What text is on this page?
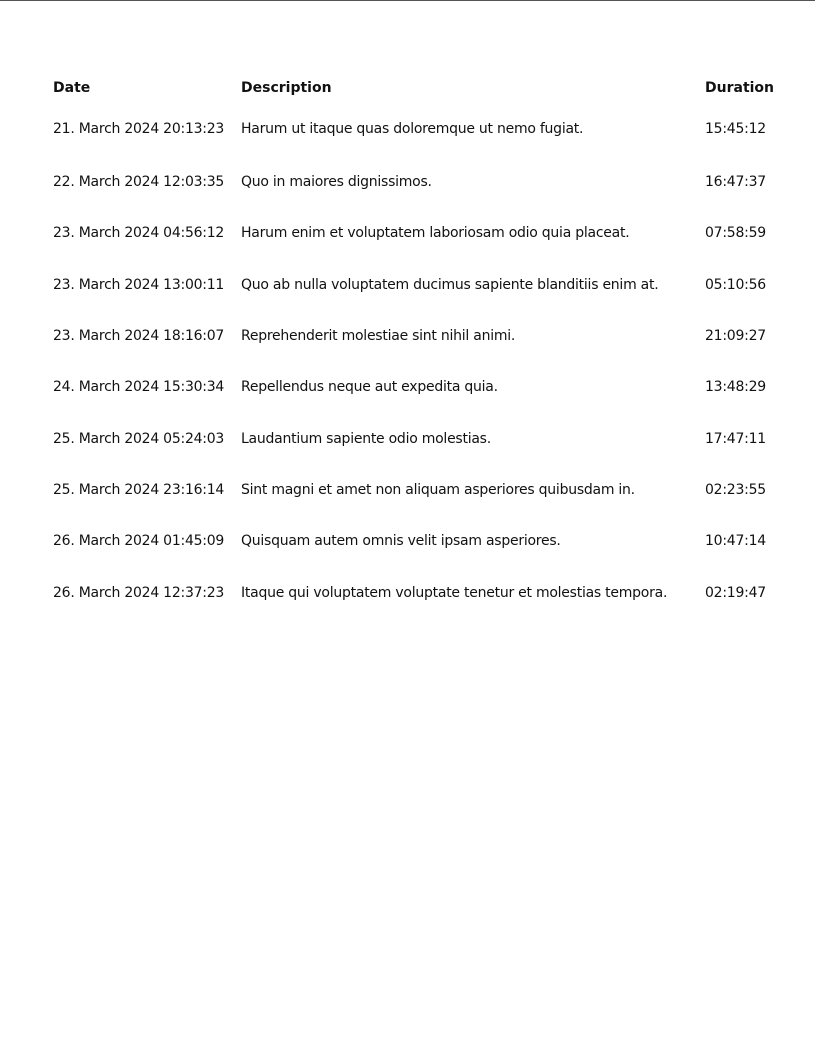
Date	Description	Duration
21. March 2024 20:13:23	Harum ut itaque quas doloremque ut nemo fugiat.	15:45:12
22. March 2024 12:03:35	Quo in maiores dignissimos.	16:47:37
23. March 2024 04:56:12	Harum enim et voluptatem laboriosam odio quia placeat.	07:58:59
23. March 2024 13:00:11	Quo ab nulla voluptatem ducimus sapiente blanditiis enim at.	05:10:56
23. March 2024 18:16:07	Reprehenderit molestiae sint nihil animi.	21:09:27
24. March 2024 15:30:34	Repellendus neque aut expedita quia.	13:48:29
25. March 2024 05:24:03	Laudantium sapiente odio molestias.	17:47:11
25. March 2024 23:16:14	Sint magni et amet non aliquam asperiores quibusdam in.	02:23:55
26. March 2024 01:45:09	Quisquam autem omnis velit ipsam asperiores.	10:47:14
26. March 2024 12:37:23	Itaque qui voluptatem voluptate tenetur et molestias tempora.	02:19:47
